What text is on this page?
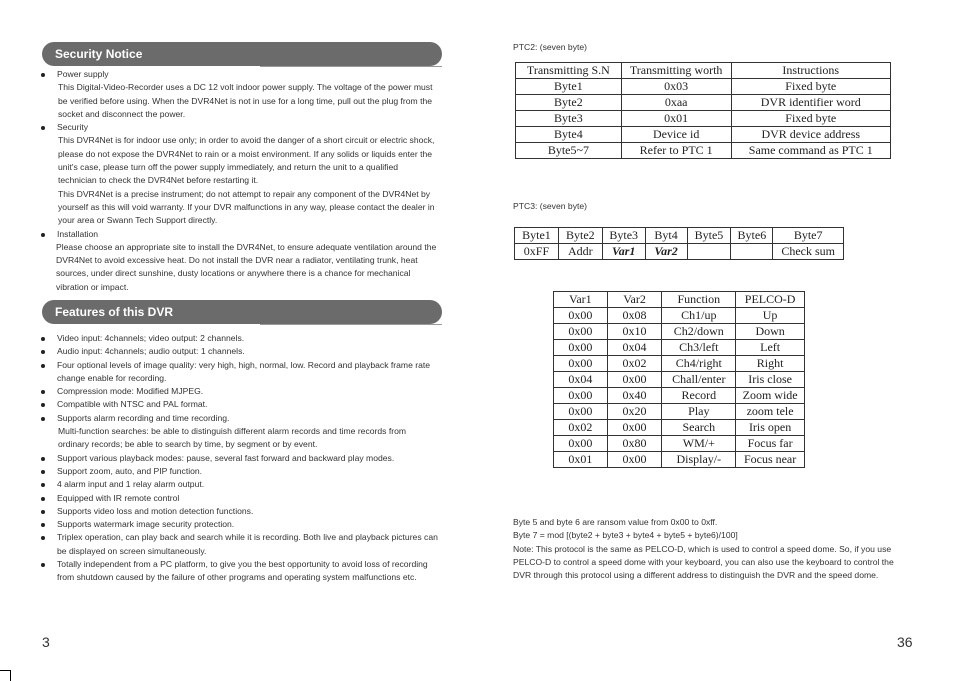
Security Notice
Power supply
This Digital-Video-Recorder uses a DC 12 volt indoor power supply. The voltage of the power must be verified before using. When the DVR4Net is not in use for a long time, pull out the plug from the socket and disconnect the power.
Security
This DVR4Net is for indoor use only; in order to avoid the danger of a short circuit or electric shock, please do not expose the DVR4Net to rain or a moist environment. If any solids or liquids enter the unit's case, please turn off the power supply immediately, and return the unit to a qualified technician to check the DVR4Net before restarting it.
This DVR4Net is a precise instrument; do not attempt to repair any component of the DVR4Net by yourself as this will void warranty. If your DVR malfunctions in any way, please contact the dealer in your area or Swann Tech Support directly.
Installation
Please choose an appropriate site to install the DVR4Net, to ensure adequate ventilation around the DVR4Net to avoid excessive heat. Do not install the DVR near a radiator, ventilating trunk, heat sources, under direct sunshine, dusty locations or anywhere there is a chance for mechanical vibration or impact.
Features of this DVR
Video input: 4channels; video output: 2 channels.
Audio input: 4channels; audio output: 1 channels.
Four optional levels of image quality: very high, high, normal, low. Record and playback frame rate change enable for recording.
Compression mode: Modified MJPEG.
Compatible with NTSC and PAL format.
Supports alarm recording and time recording.
Multi-function searches: be able to distinguish different alarm records and time records from ordinary records; be able to search by time, by segment or by event.
Support various playback modes: pause, several fast forward and backward play modes.
Support zoom, auto, and PIP function.
4 alarm input and 1 relay alarm output.
Equipped with IR remote control
Supports video loss and motion detection functions.
Supports watermark image security protection.
Triplex operation, can play back and search while it is recording. Both live and playback pictures can be displayed on screen simultaneously.
Totally independent from a PC platform, to give you the best opportunity to avoid loss of recording from shutdown caused by the failure of other programs and operating system malfunctions etc.
3
PTC2: (seven byte)
Transmitting S.N	Transmitting worth	Instructions
Byte1	0x03	Fixed byte
Byte2	0xaa	DVR identifier word
Byte3	0x01	Fixed byte
Byte4	Device id	DVR device address
Byte5~7	Refer to PTC 1	Same command as PTC 1
PTC3: (seven byte)
Byte1	Byte2	Byte3	Byt4	Byte5	Byte6	Byte7
0xFF	Addr	Var1	Var2			Check sum
Var1	Var2	Function	PELCO-D
0x00	0x08	Ch1/up	Up
0x00	0x10	Ch2/down	Down
0x00	0x04	Ch3/left	Left
0x00	0x02	Ch4/right	Right
0x04	0x00	Chall/enter	Iris close
0x00	0x40	Record	Zoom wide
0x00	0x20	Play	zoom tele
0x02	0x00	Search	Iris open
0x00	0x80	WM/+	Focus far
0x01	0x00	Display/-	Focus near
Byte 5 and byte 6 are ransom value from 0x00 to 0xff.
Byte 7 = mod [(byte2 + byte3 + byte4 + byte5 + byte6)/100]
Note: This protocol is the same as PELCO-D, which is used to control a speed dome. So, if you use PELCO-D to control a speed dome with your keyboard, you can also use the keyboard to control the DVR through this protocol using a different address to distinguish the DVR and the speed dome.
36
